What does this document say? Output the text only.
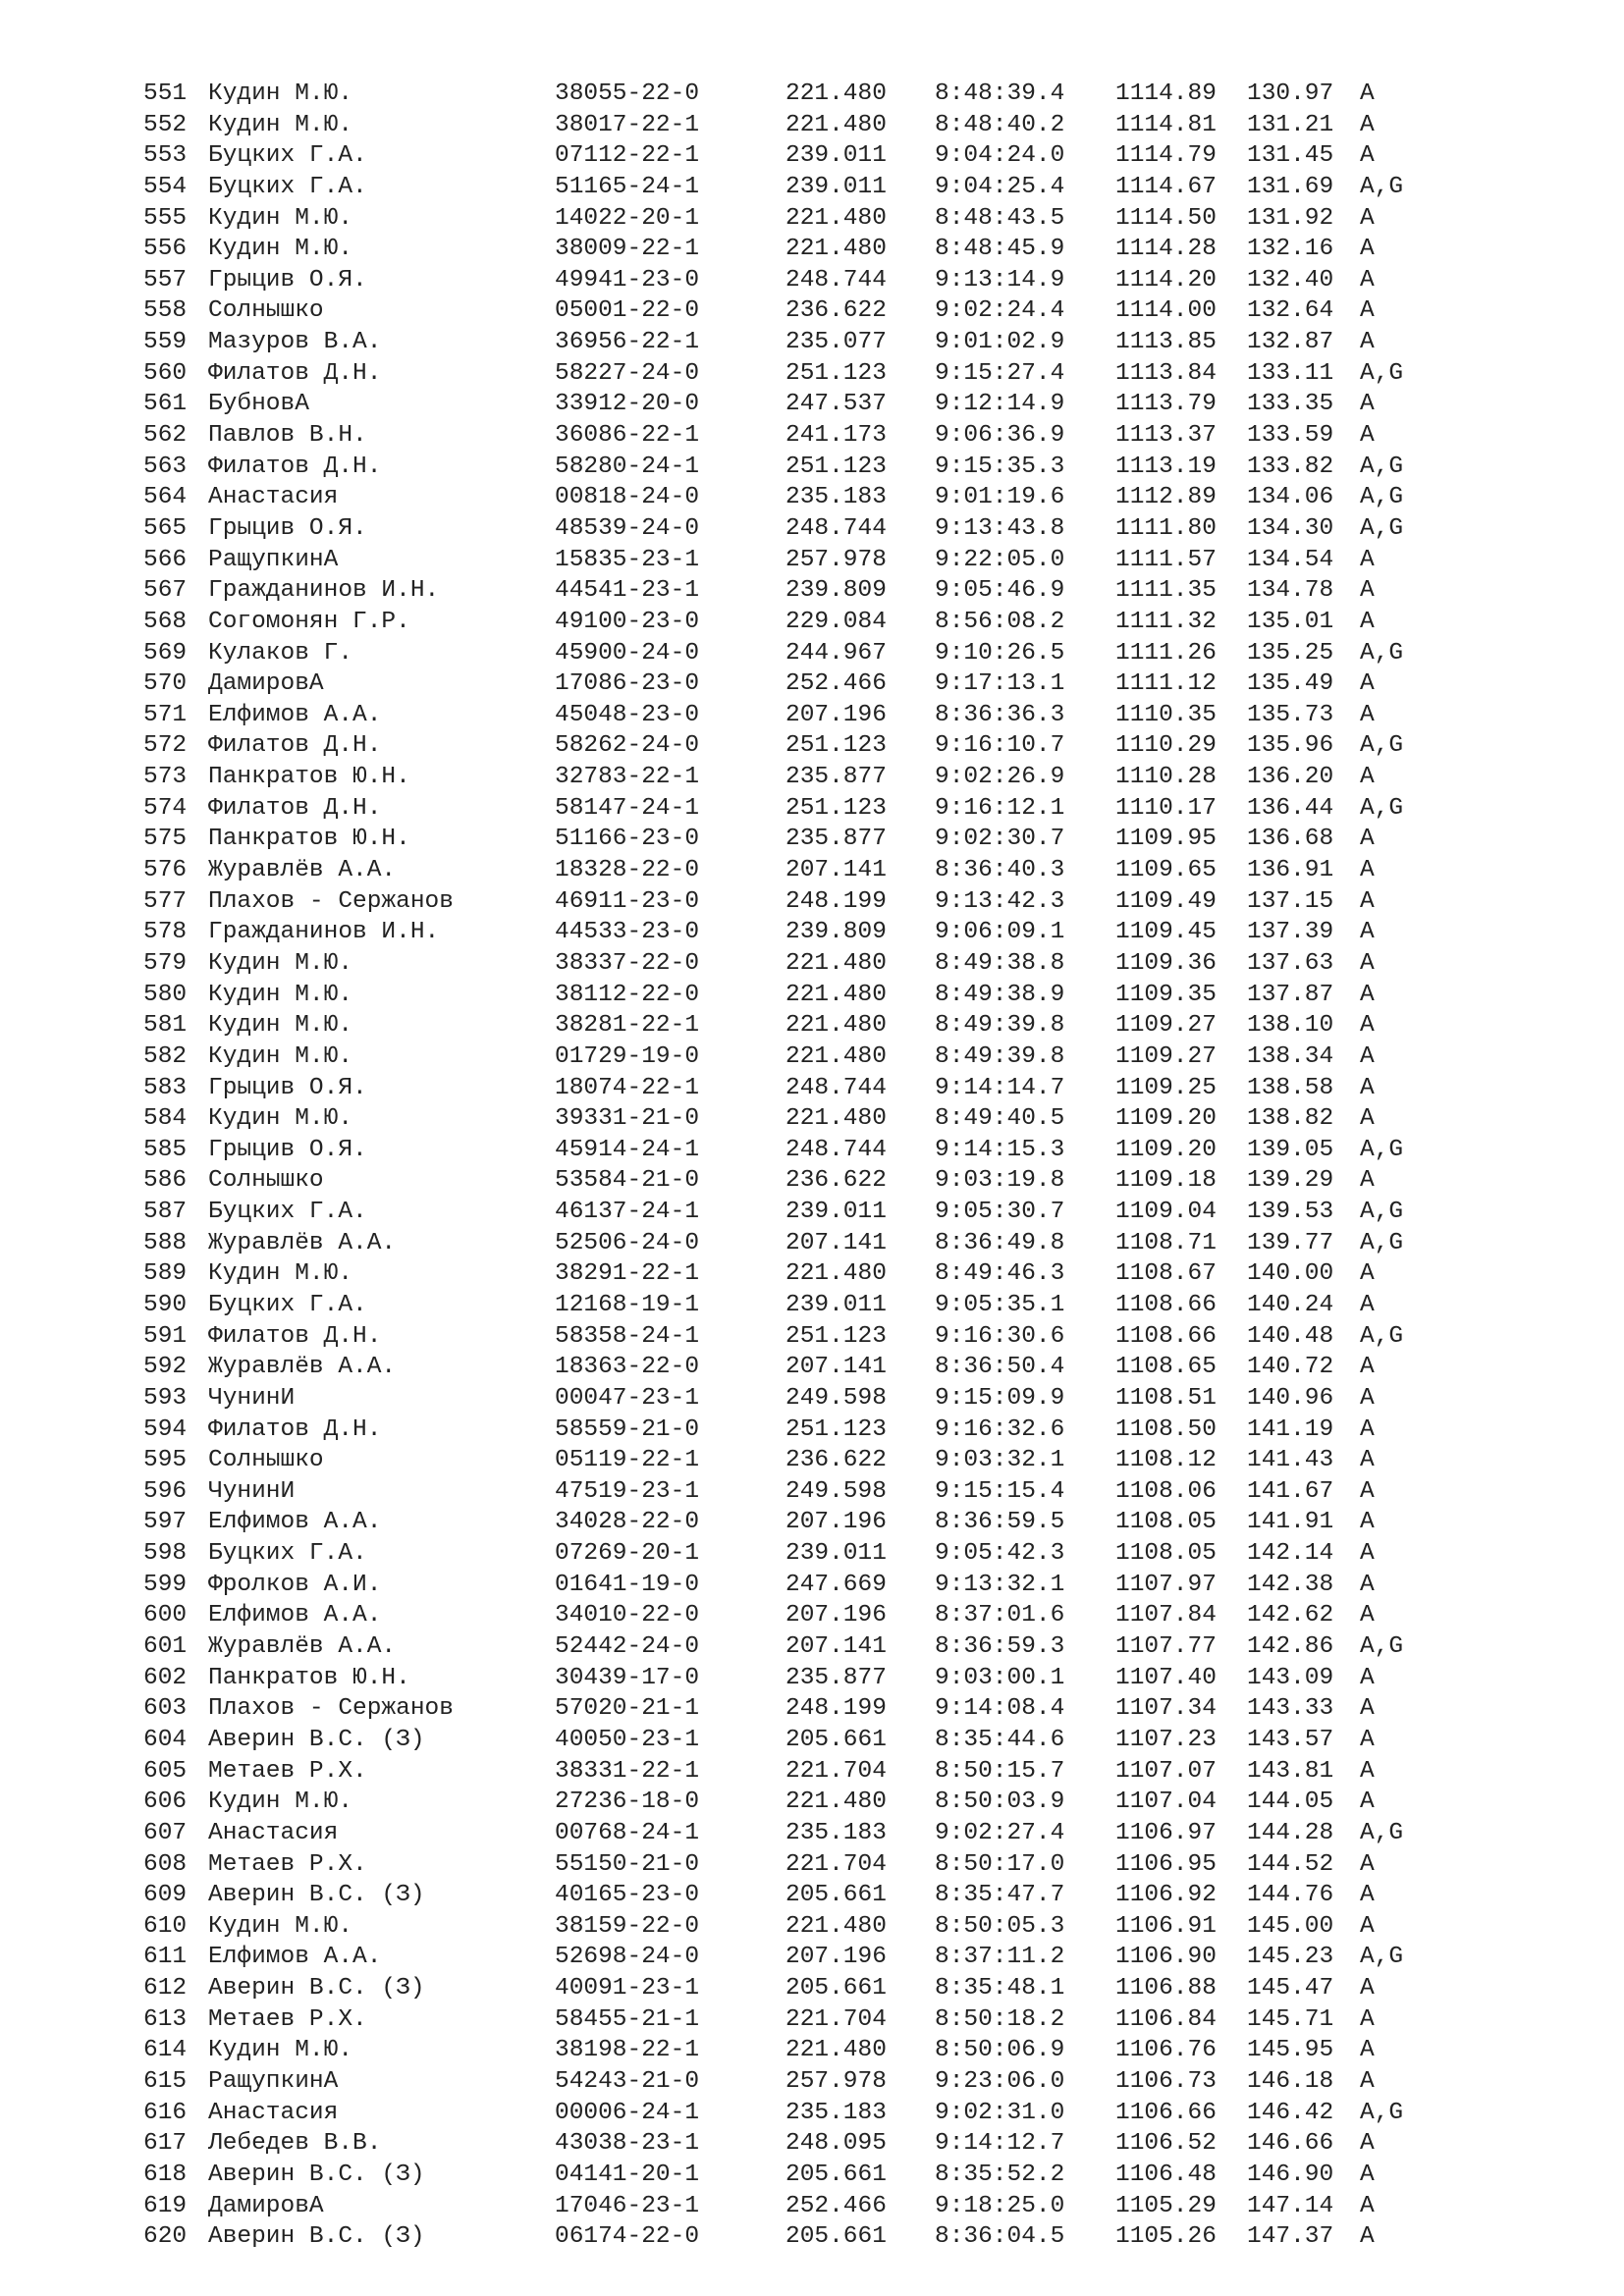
551 Кудин М.Ю.	38055-22-0	221.480 8:48:39.4 1114.89 130.97 A
552 Кудин М.Ю.	38017-22-1	221.480 8:48:40.2 1114.81 131.21 A
553 Буцких Г.А.	07112-22-1	239.011 9:04:24.0 1114.79 131.45 A
554 Буцких Г.А.	51165-24-1	239.011 9:04:25.4 1114.67 131.69 A,G
555 Кудин М.Ю.	14022-20-1	221.480 8:48:43.5 1114.50 131.92 A
556 Кудин М.Ю.	38009-22-1	221.480 8:48:45.9 1114.28 132.16 A
557 Грыцив О.Я.	49941-23-0	248.744 9:13:14.9 1114.20 132.40 A
558 Солнышко	05001-22-0	236.622 9:02:24.4 1114.00 132.64 A
559 Мазуров В.А.	36956-22-1	235.077 9:01:02.9 1113.85 132.87 A
560 Филатов Д.Н.	58227-24-0	251.123 9:15:27.4 1113.84 133.11 A,G
561 БубновА	33912-20-0	247.537 9:12:14.9 1113.79 133.35 A
562 Павлов В.Н.	36086-22-1	241.173 9:06:36.9 1113.37 133.59 A
563 Филатов Д.Н.	58280-24-1	251.123 9:15:35.3 1113.19 133.82 A,G
564 Анастасия	00818-24-0	235.183 9:01:19.6 1112.89 134.06 A,G
565 Грыцив О.Я.	48539-24-0	248.744 9:13:43.8 1111.80 134.30 A,G
566 РащупкинА	15835-23-1	257.978 9:22:05.0 1111.57 134.54 A
567 Гражданинов И.Н.	44541-23-1	239.809 9:05:46.9 1111.35 134.78 A
568 Согомонян Г.Р.	49100-23-0	229.084 8:56:08.2 1111.32 135.01 A
569 Кулаков Г.	45900-24-0	244.967 9:10:26.5 1111.26 135.25 A,G
570 ДамировА	17086-23-0	252.466 9:17:13.1 1111.12 135.49 A
571 Елфимов А.А.	45048-23-0	207.196 8:36:36.3 1110.35 135.73 A
572 Филатов Д.Н.	58262-24-0	251.123 9:16:10.7 1110.29 135.96 A,G
573 Панкратов Ю.Н.	32783-22-1	235.877 9:02:26.9 1110.28 136.20 A
574 Филатов Д.Н.	58147-24-1	251.123 9:16:12.1 1110.17 136.44 A,G
575 Панкратов Ю.Н.	51166-23-0	235.877 9:02:30.7 1109.95 136.68 A
576 Журавлёв А.А.	18328-22-0	207.141 8:36:40.3 1109.65 136.91 A
577 Плахов - Сержанов	46911-23-0	248.199 9:13:42.3 1109.49 137.15 A
578 Гражданинов И.Н.	44533-23-0	239.809 9:06:09.1 1109.45 137.39 A
579 Кудин М.Ю.	38337-22-0	221.480 8:49:38.8 1109.36 137.63 A
580 Кудин М.Ю.	38112-22-0	221.480 8:49:38.9 1109.35 137.87 A
581 Кудин М.Ю.	38281-22-1	221.480 8:49:39.8 1109.27 138.10 A
582 Кудин М.Ю.	01729-19-0	221.480 8:49:39.8 1109.27 138.34 A
583 Грыцив О.Я.	18074-22-1	248.744 9:14:14.7 1109.25 138.58 A
584 Кудин М.Ю.	39331-21-0	221.480 8:49:40.5 1109.20 138.82 A
585 Грыцив О.Я.	45914-24-1	248.744 9:14:15.3 1109.20 139.05 A,G
586 Солнышко	53584-21-0	236.622 9:03:19.8 1109.18 139.29 A
587 Буцких Г.А.	46137-24-1	239.011 9:05:30.7 1109.04 139.53 A,G
588 Журавлёв А.А.	52506-24-0	207.141 8:36:49.8 1108.71 139.77 A,G
589 Кудин М.Ю.	38291-22-1	221.480 8:49:46.3 1108.67 140.00 A
590 Буцких Г.А.	12168-19-1	239.011 9:05:35.1 1108.66 140.24 A
591 Филатов Д.Н.	58358-24-1	251.123 9:16:30.6 1108.66 140.48 A,G
592 Журавлёв А.А.	18363-22-0	207.141 8:36:50.4 1108.65 140.72 A
593 ЧунинИ	00047-23-1	249.598 9:15:09.9 1108.51 140.96 A
594 Филатов Д.Н.	58559-21-0	251.123 9:16:32.6 1108.50 141.19 A
595 Солнышко	05119-22-1	236.622 9:03:32.1 1108.12 141.43 A
596 ЧунинИ	47519-23-1	249.598 9:15:15.4 1108.06 141.67 A
597 Елфимов А.А.	34028-22-0	207.196 8:36:59.5 1108.05 141.91 A
598 Буцких Г.А.	07269-20-1	239.011 9:05:42.3 1108.05 142.14 A
599 Фролков А.И.	01641-19-0	247.669 9:13:32.1 1107.97 142.38 A
600 Елфимов А.А.	34010-22-0	207.196 8:37:01.6 1107.84 142.62 A
601 Журавлёв А.А.	52442-24-0	207.141 8:36:59.3 1107.77 142.86 A,G
602 Панкратов Ю.Н.	30439-17-0	235.877 9:03:00.1 1107.40 143.09 A
603 Плахов - Сержанов	57020-21-1	248.199 9:14:08.4 1107.34 143.33 A
604 Аверин В.С. (З)	40050-23-1	205.661 8:35:44.6 1107.23 143.57 A
605 Метаев Р.Х.	38331-22-1	221.704 8:50:15.7 1107.07 143.81 A
606 Кудин М.Ю.	27236-18-0	221.480 8:50:03.9 1107.04 144.05 A
607 Анастасия	00768-24-1	235.183 9:02:27.4 1106.97 144.28 A,G
608 Метаев Р.Х.	55150-21-0	221.704 8:50:17.0 1106.95 144.52 A
609 Аверин В.С. (З)	40165-23-0	205.661 8:35:47.7 1106.92 144.76 A
610 Кудин М.Ю.	38159-22-0	221.480 8:50:05.3 1106.91 145.00 A
611 Елфимов А.А.	52698-24-0	207.196 8:37:11.2 1106.90 145.23 A,G
612 Аверин В.С. (З)	40091-23-1	205.661 8:35:48.1 1106.88 145.47 A
613 Метаев Р.Х.	58455-21-1	221.704 8:50:18.2 1106.84 145.71 A
614 Кудин М.Ю.	38198-22-1	221.480 8:50:06.9 1106.76 145.95 A
615 РащупкинА	54243-21-0	257.978 9:23:06.0 1106.73 146.18 A
616 Анастасия	00006-24-1	235.183 9:02:31.0 1106.66 146.42 A,G
617 Лебедев В.В.	43038-23-1	248.095 9:14:12.7 1106.52 146.66 A
618 Аверин В.С. (З)	04141-20-1	205.661 8:35:52.2 1106.48 146.90 A
619 ДамировА	17046-23-1	252.466 9:18:25.0 1105.29 147.14 A
620 Аверин В.С. (З)	06174-22-0	205.661 8:36:04.5 1105.26 147.37 A
